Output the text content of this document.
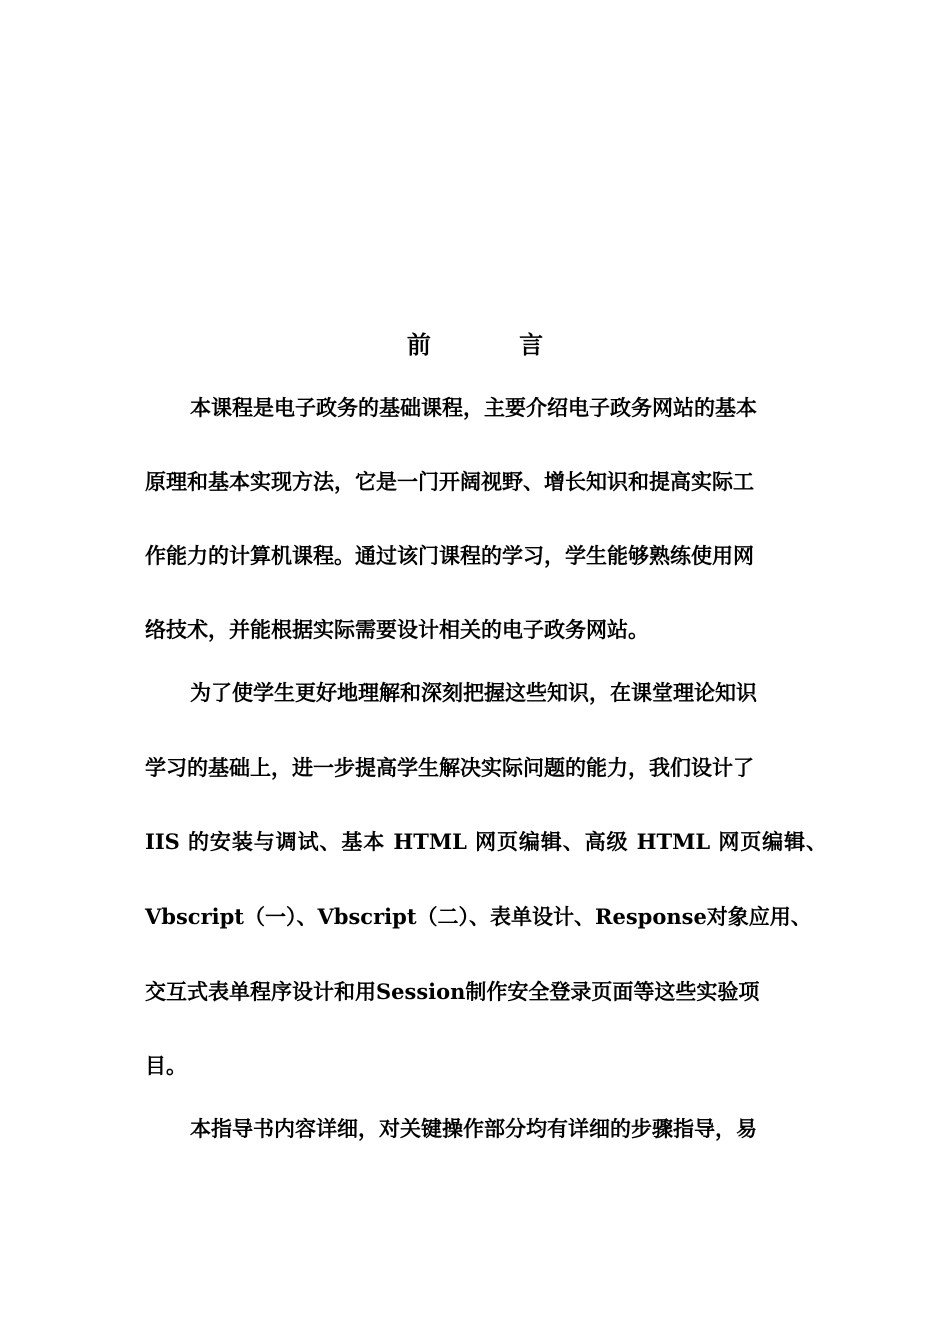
前 言
本课程是电子政务的基础课程，主要介绍电子政务网站的基本
原理和基本实现方法，它是一门开阔视野、增长知识和提高实际工
作能力的计算机课程。通过该门课程的学习，学生能够熟练使用网
络技术，并能根据实际需要设计相关的电子政务网站。
为了使学生更好地理解和深刻把握这些知识，在课堂理论知识
学习的基础上，进一步提高学生解决实际问题的能力，我们设计了
IIS 的安装与调试、基本 HTML 网页编辑、高级 HTML 网页编辑、
Vbscript（一）、Vbscript（二）、表单设计、Response对象应用、
交互式表单程序设计和用Session制作安全登录页面等这些实验项
目。
本指导书内容详细，对关键操作部分均有详细的步骤指导，易
